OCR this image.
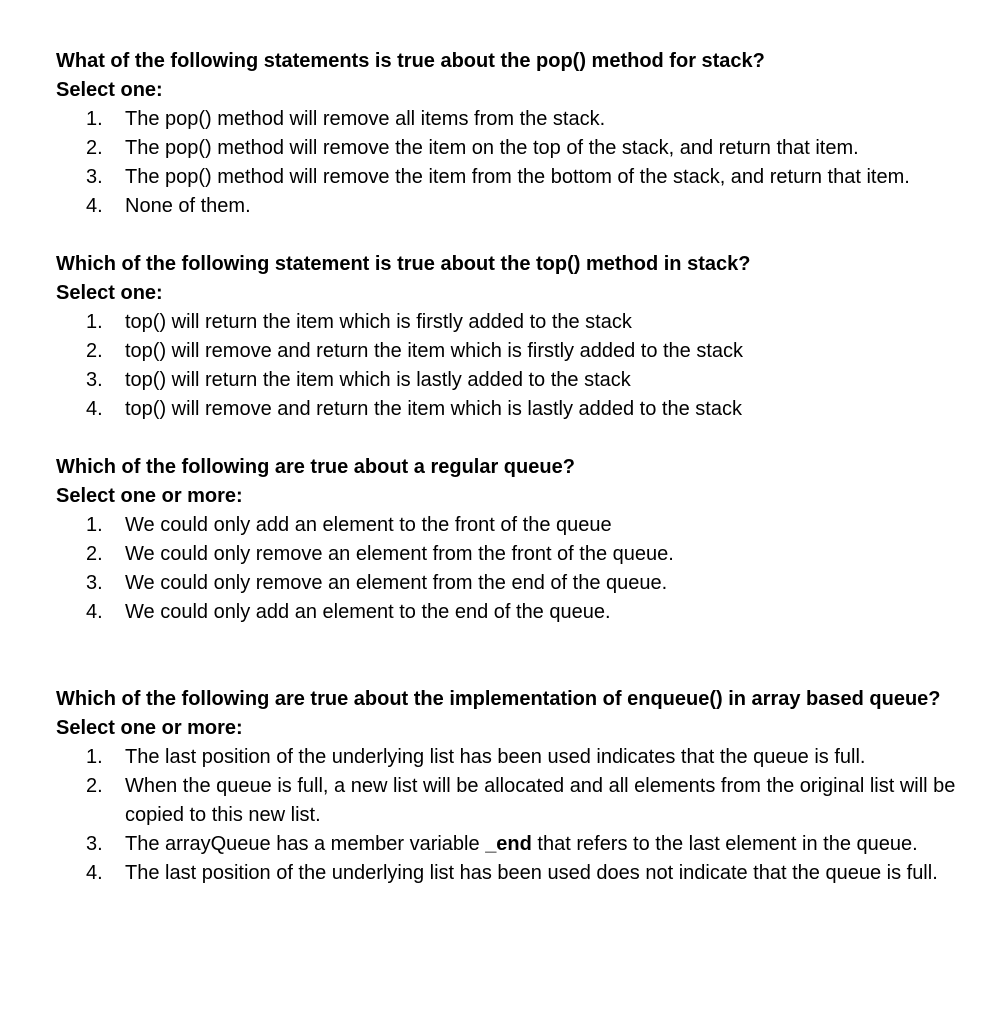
What of the following statements is true about the pop() method for stack?

Select one:

1.	The pop() method will remove all items from the stack.
2.	The pop() method will remove the item on the top of the stack, and return that item.
3.	The pop() method will remove the item from the bottom of the stack, and return that item.
4.	None of them.

Which of the following statement is true about the top() method in stack?

Select one:

1.	top() will return the item which is firstly added to the stack
2.	top() will remove and return the item which is firstly added to the stack
3.	top() will return the item which is lastly added to the stack
4.	top() will remove and return the item which is lastly added to the stack

Which of the following are true about a regular queue?

Select one or more:

1.	We could only add an element to the front of the queue
2.	We could only remove an element from the front of the queue.
3.	We could only remove an element from the end of the queue.
4.	We could only add an element to the end of the queue.

Which of the following are true about the implementation of enqueue() in array based queue?

Select one or more:

1.	The last position of the underlying list has been used indicates that the queue is full.
2.	When the queue is full, a new list will be allocated and all elements from the original list will be copied to this new list.
3.	The arrayQueue has a member variable _end that refers to the last element in the queue.
4.	The last position of the underlying list has been used does not indicate that the queue is full.
